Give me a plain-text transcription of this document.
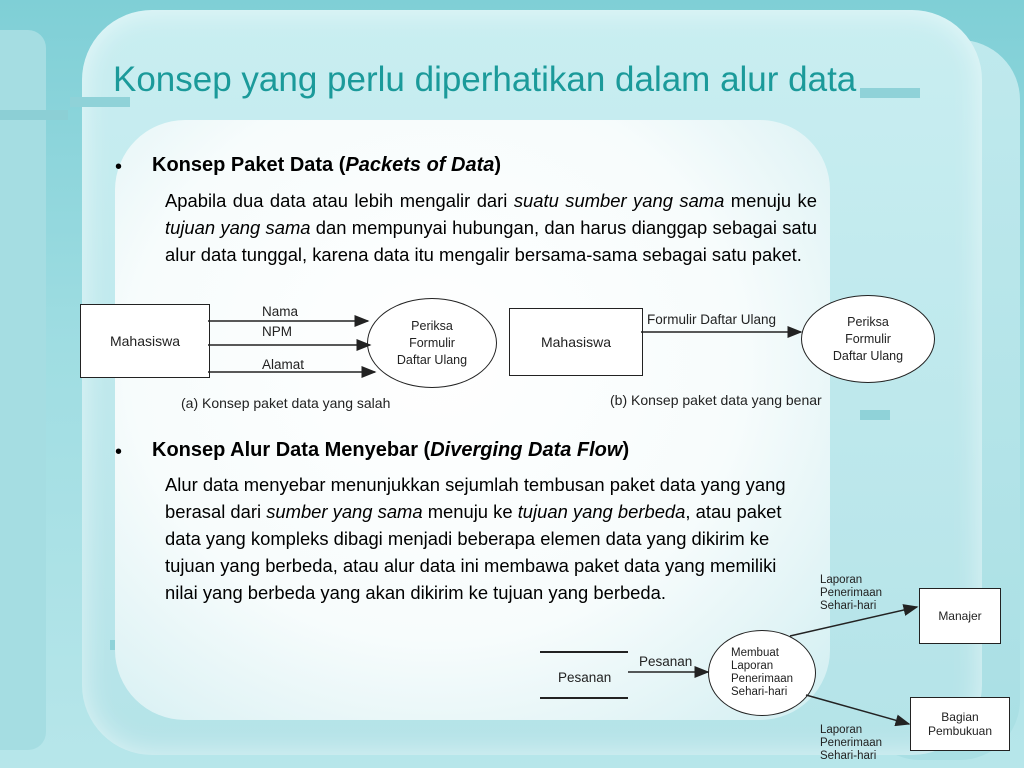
Konsep yang perlu diperhatikan dalam alur data
• Konsep Paket Data (Packets of Data)
Apabila dua data atau lebih mengalir dari suatu sumber yang sama menuju ke tujuan yang sama dan mempunyai hubungan, dan harus dianggap sebagai satu alur data tunggal, karena data itu mengalir bersama-sama sebagai satu paket.
Mahasiswa
Nama
NPM
Alamat
Periksa
Formulir
Daftar Ulang
(a) Konsep paket data yang salah
Mahasiswa
Formulir Daftar Ulang	Periksa
Formulir
Daftar Ulang
(b) Konsep paket data yang benar
• Konsep Alur Data Menyebar (Diverging Data Flow)
Alur data menyebar menunjukkan sejumlah tembusan paket data yang yang berasal dari sumber yang sama menuju ke tujuan yang berbeda, atau paket data yang kompleks dibagi menjadi beberapa elemen data yang dikirim ke tujuan yang berbeda, atau alur data ini membawa paket data yang memiliki nilai yang berbeda yang akan dikirim ke tujuan yang berbeda.
Pesanan
Pesanan
Membuat
Laporan
Penerimaan
Sehari-hari
Laporan
Penerimaan
Sehari-hari
Laporan
Penerimaan
Sehari-hari
Manajer
Bagian
Pembukuan
